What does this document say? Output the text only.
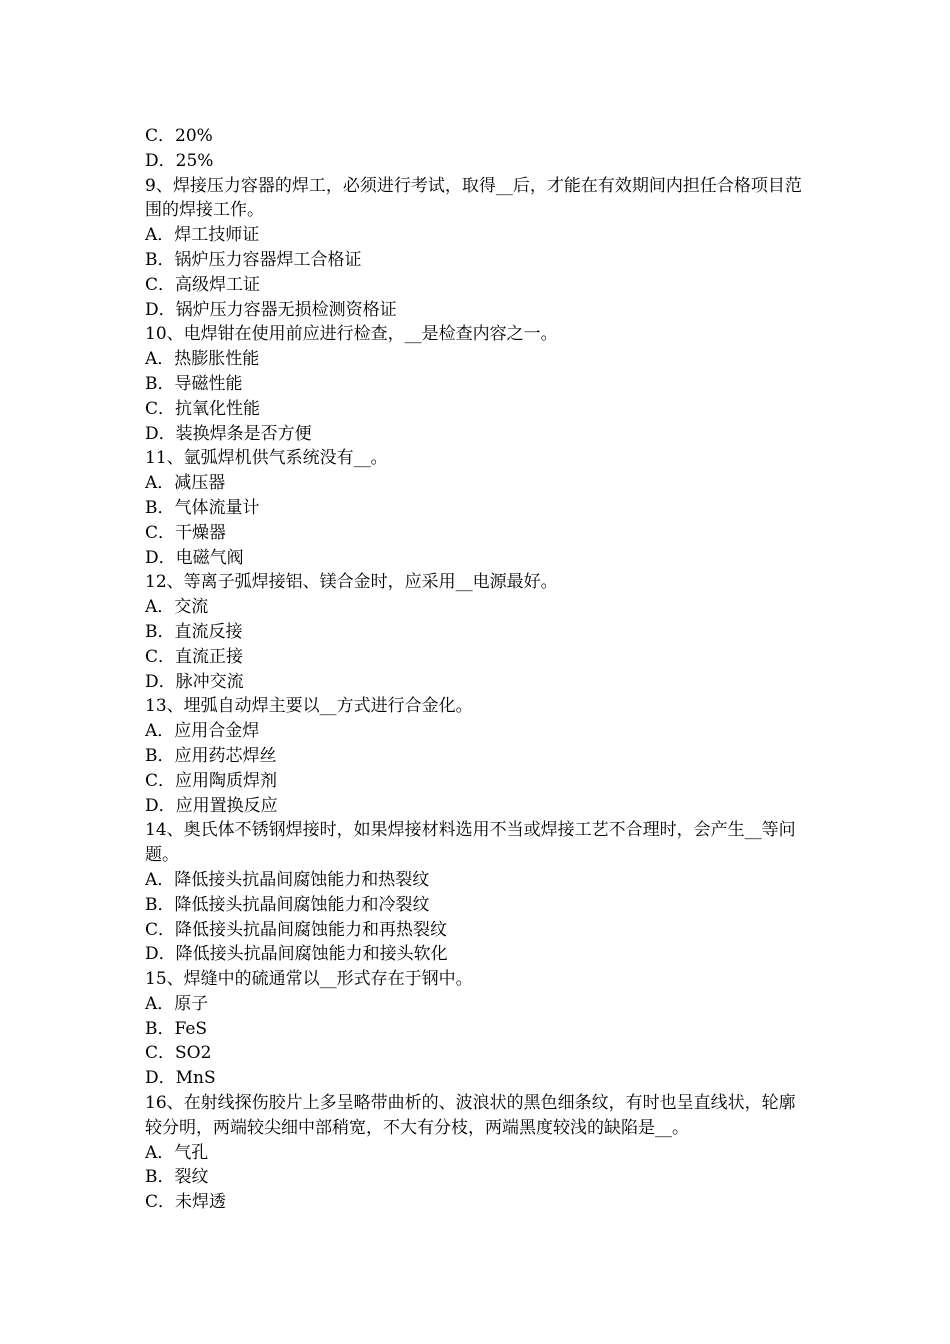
C．20%
D．25%
9、焊接压力容器的焊工，必须进行考试，取得__后，才能在有效期间内担任合格项目范围的焊接工作。
A．焊工技师证
B．锅炉压力容器焊工合格证
C．高级焊工证
D．锅炉压力容器无损检测资格证
10、电焊钳在使用前应进行检查，__是检查内容之一。
A．热膨胀性能
B．导磁性能
C．抗氧化性能
D．装换焊条是否方便
11、氩弧焊机供气系统没有__。
A．减压器
B．气体流量计
C．干燥器
D．电磁气阀
12、等离子弧焊接铝、镁合金时，应采用__电源最好。
A．交流
B．直流反接
C．直流正接
D．脉冲交流
13、埋弧自动焊主要以__方式进行合金化。
A．应用合金焊
B．应用药芯焊丝
C．应用陶质焊剂
D．应用置换反应
14、奥氏体不锈钢焊接时，如果焊接材料选用不当或焊接工艺不合理时，会产生__等问题。
A．降低接头抗晶间腐蚀能力和热裂纹
B．降低接头抗晶间腐蚀能力和冷裂纹
C．降低接头抗晶间腐蚀能力和再热裂纹
D．降低接头抗晶间腐蚀能力和接头软化
15、焊缝中的硫通常以__形式存在于钢中。
A．原子
B．FeS
C．SO2
D．MnS
16、在射线探伤胶片上多呈略带曲析的、波浪状的黑色细条纹，有时也呈直线状，轮廓较分明，两端较尖细中部稍宽，不大有分枝，两端黑度较浅的缺陷是__。
A．气孔
B．裂纹
C．未焊透
